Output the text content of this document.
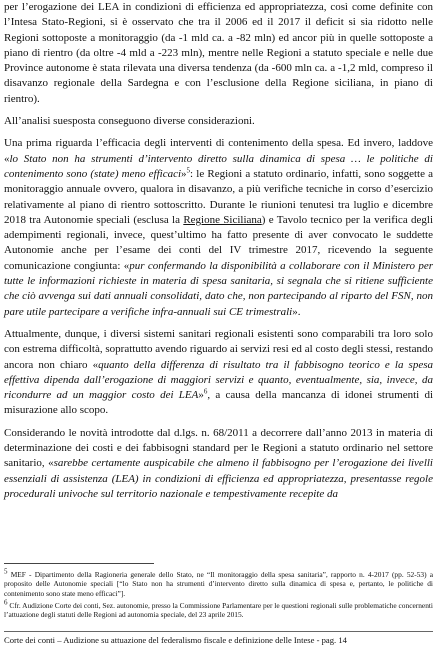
per l’erogazione dei LEA in condizioni di efficienza ed appropriatezza, così come definite con l’Intesa Stato-Regioni, si è osservato che tra il 2006 ed il 2017 il deficit si sia ridotto nelle Regioni sottoposte a monitoraggio (da -1 mld ca. a -82 mln) ed ancor più in quelle sottoposte a piano di rientro (da oltre -4 mld a -223 mln), mentre nelle Regioni a statuto speciale e nelle due Province autonome è stata rilevata una diversa tendenza (da -600 mln ca. a -1,2 mld, compreso il disavanzo regionale della Sardegna e con l’esclusione della Regione siciliana, in piano di rientro).

All’analisi suesposta conseguono diverse considerazioni.

Una prima riguarda l’efficacia degli interventi di contenimento della spesa. Ed invero, laddove «lo Stato non ha strumenti d’intervento diretto sulla dinamica di spesa … le politiche di contenimento sono (state) meno efficaci»$^5$: le Regioni a statuto ordinario, infatti, sono soggette a monitoraggio annuale ovvero, qualora in disavanzo, a più verifiche tecniche in corso d’esercizio relativamente al piano di rientro sottoscritto. Durante le riunioni tenutesi tra luglio e dicembre 2018 tra Autonomie speciali (esclusa la Regione Siciliana) e Tavolo tecnico per la verifica degli adempimenti regionali, invece, quest’ultimo ha fatto presente di aver convocato le suddette Autonomie anche per l’esame dei conti del IV trimestre 2017, ricevendo la seguente comunicazione congiunta: «pur confermando la disponibilità a collaborare con il Ministero per tutte le informazioni richieste in materia di spesa sanitaria, si segnala che si ritiene sufficiente che ciò avvenga sui dati annuali consolidati, dato che, non partecipando al riparto del FSN, non pare utile partecipare a verifiche infra-annuali sui CE trimestrali».

Attualmente, dunque, i diversi sistemi sanitari regionali esistenti sono comparabili tra loro solo con estrema difficoltà, soprattutto avendo riguardo ai servizi resi ed al costo degli stessi, restando ancora non chiaro «quanto della differenza di risultato tra il fabbisogno teorico e la spesa effettiva dipenda dall’erogazione di maggiori servizi e quanto, eventualmente, sia, invece, da ricondurre ad un maggior costo dei LEA»$^6$, a causa della mancanza di idonei strumenti di misurazione allo scopo.

Considerando le novità introdotte dal d.lgs. n. 68/2011 a decorrere dall’anno 2013 in materia di determinazione dei costi e dei fabbisogni standard per le Regioni a statuto ordinario nel settore sanitario, «sarebbe certamente auspicabile che almeno il fabbisogno per l’erogazione dei livelli essenziali di assistenza (LEA) in condizioni di efficienza ed appropriatezza, presentasse regole procedurali univoche sul territorio nazionale e tempestivamente recepite da

$^5$ MEF - Dipartimento della Ragioneria generale dello Stato, ne “Il monitoraggio della spesa sanitaria”, rapporto n. 4-2017 (pp. 52-53) a proposito delle Autonomie speciali [“lo Stato non ha strumenti d’intervento diretto sulla dinamica di spesa e, pertanto, le politiche di contenimento sono state meno efficaci”].

$^6$ Cfr. Audizione Corte dei conti, Sez. autonomie, presso la Commissione Parlamentare per le questioni regionali sulle problematiche concernenti l’attuazione degli statuti delle Regioni ad autonomia speciale, del 23 aprile 2015.

Corte dei conti – Audizione su attuazione del federalismo fiscale e definizione delle Intese - pag. 14
